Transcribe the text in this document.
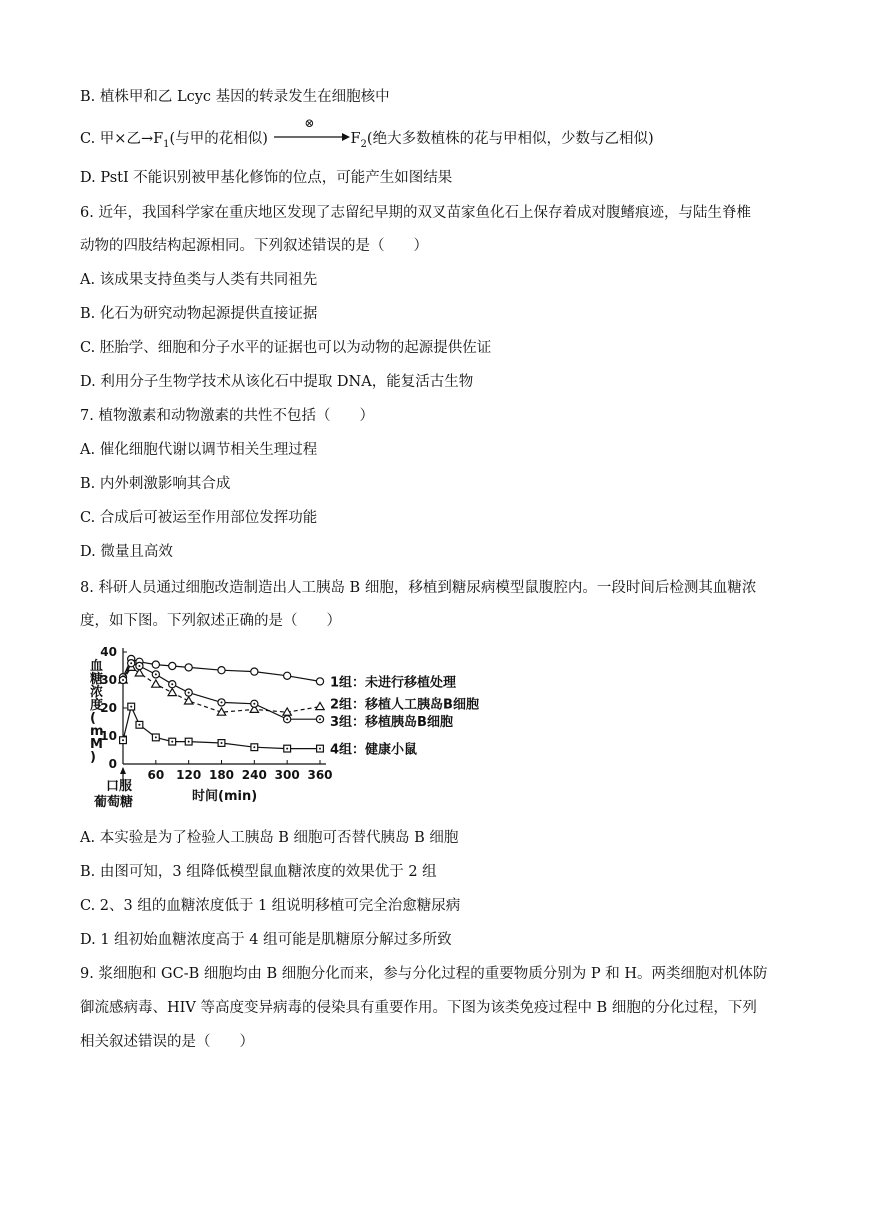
B. 植株甲和乙 Lcyc 基因的转录发生在细胞核中
C. 甲×乙$\to F_1$(与甲的花相似)
⊗
$F_2$(绝大多数植株的花与甲相似，少数与乙相似)
D. PstI 不能识别被甲基化修饰的位点，可能产生如图结果
6. 近年，我国科学家在重庆地区发现了志留纪早期的双叉苗家鱼化石上保存着成对腹鳍痕迹，与陆生脊椎
动物的四肢结构起源相同。下列叙述错误的是（　　）
A. 该成果支持鱼类与人类有共同祖先
B. 化石为研究动物起源提供直接证据
C. 胚胎学、细胞和分子水平的证据也可以为动物的起源提供佐证
D. 利用分子生物学技术从该化石中提取 DNA，能复活古生物
7. 植物激素和动物激素的共性不包括（　　）
A. 催化细胞代谢以调节相关生理过程
B. 内外刺激影响其合成
C. 合成后可被运至作用部位发挥功能
D. 微量且高效
8. 科研人员通过细胞改造制造出人工胰岛 B 细胞，移植到糖尿病模型鼠腹腔内。一段时间后检测其血糖浓
度，如下图。下列叙述正确的是（　　）
0
10
20
30
40
60 120 180 240 300 360
1组：未进行移植处理
2组：移植人工胰岛B细胞
3组：移植胰岛B细胞
4组：健康小鼠
血糖浓度( m M )
时间(min)
口服
葡萄糖
A. 本实验是为了检验人工胰岛 B 细胞可否替代胰岛 B 细胞
B. 由图可知，3 组降低模型鼠血糖浓度的效果优于 2 组
C. 2、3 组的血糖浓度低于 1 组说明移植可完全治愈糖尿病
D. 1 组初始血糖浓度高于 4 组可能是肌糖原分解过多所致
9. 浆细胞和 GC-B 细胞均由 B 细胞分化而来，参与分化过程的重要物质分别为 P 和 H。两类细胞对机体防
御流感病毒、HIV 等高度变异病毒的侵染具有重要作用。下图为该类免疫过程中 B 细胞的分化过程，下列
相关叙述错误的是（　　）
